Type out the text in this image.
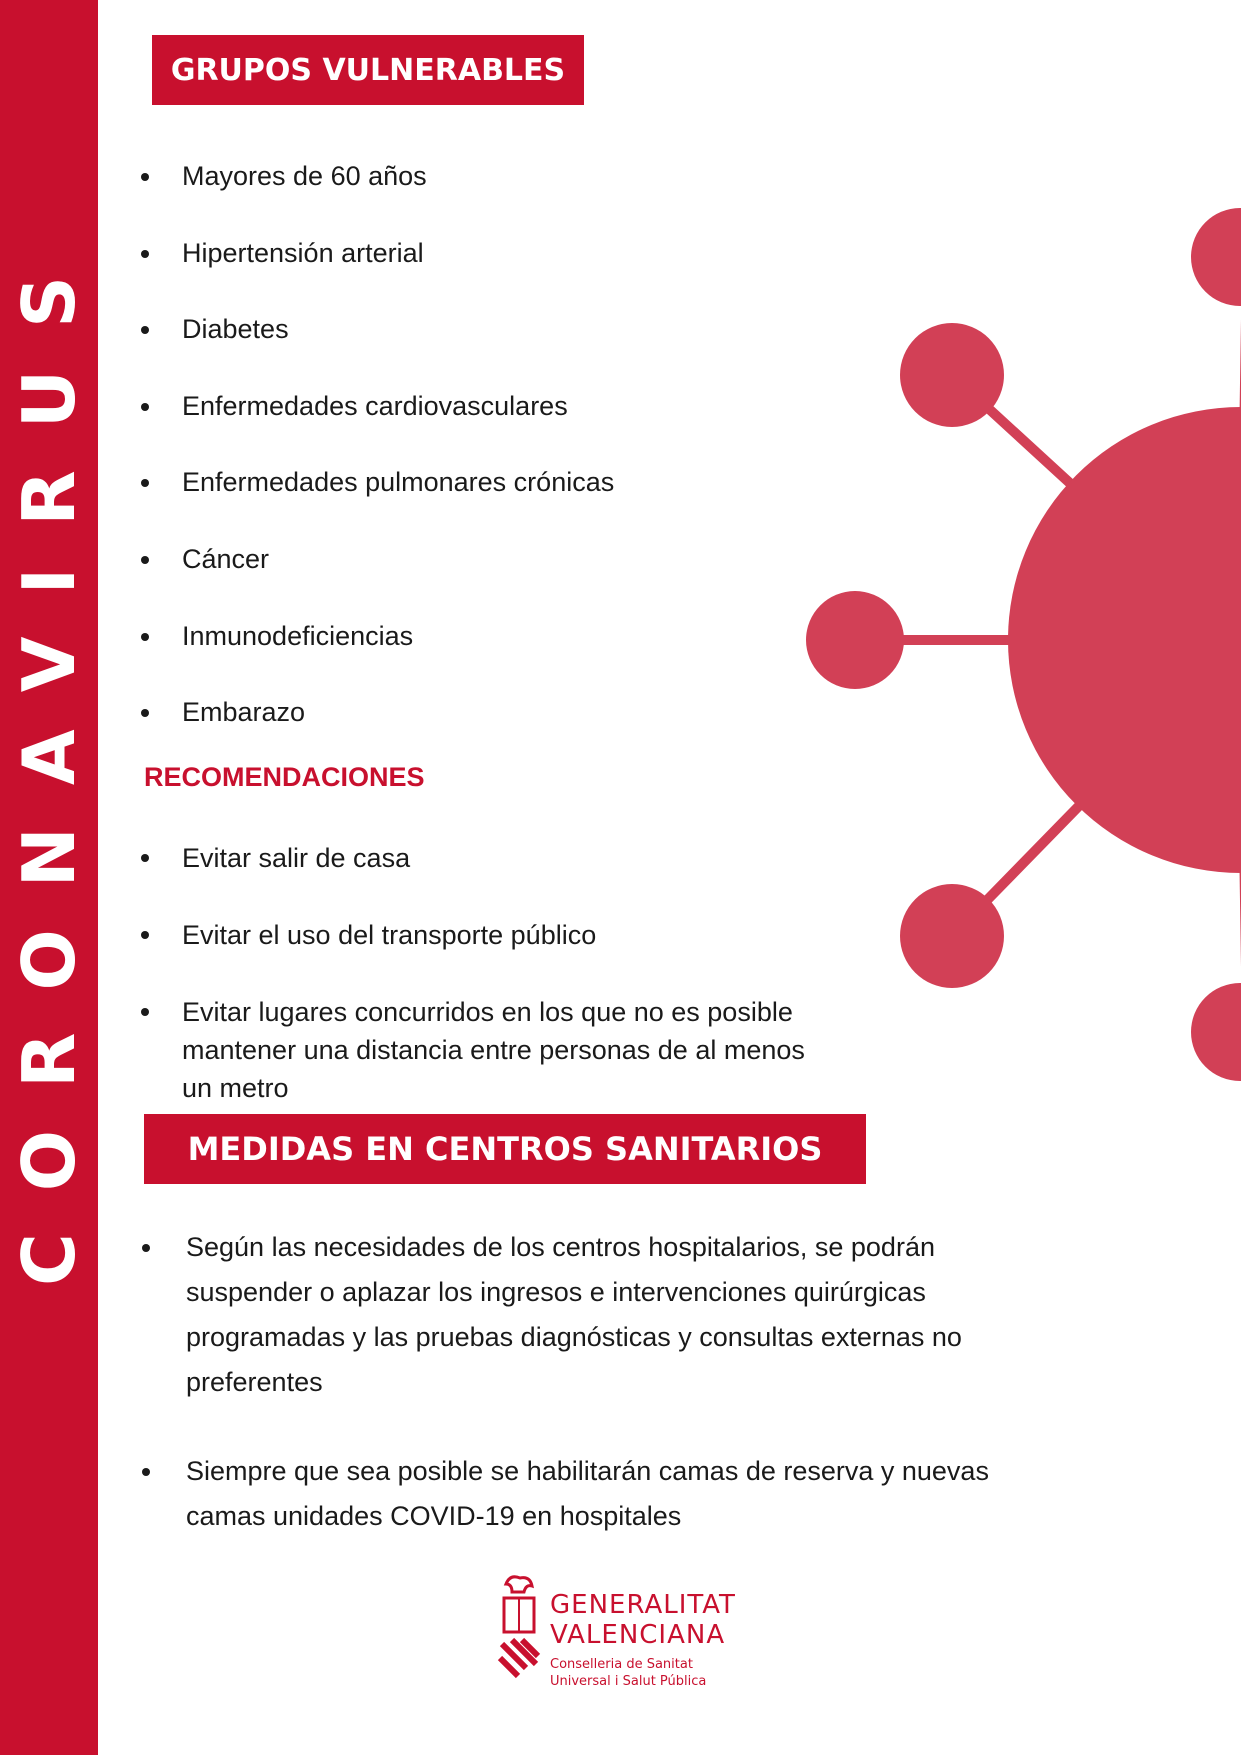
CORONAVIRUS
GRUPOS VULNERABLES
Mayores de 60 años
Hipertensión arterial
Diabetes
Enfermedades cardiovasculares
Enfermedades pulmonares crónicas
Cáncer
Inmunodeficiencias
Embarazo
RECOMENDACIONES
Evitar salir de casa
Evitar el uso del transporte público
Evitar lugares concurridos en los que no es posible mantener una distancia entre personas de al menos un metro
MEDIDAS EN CENTROS SANITARIOS
Según las necesidades de los centros hospitalarios, se podrán suspender o aplazar los ingresos e intervenciones quirúrgicas programadas y las pruebas diagnósticas y consultas externas no preferentes
Siempre que sea posible se habilitarán camas de reserva y nuevas camas unidades COVID-19 en hospitales
GENERALITAT
VALENCIANA
Conselleria de Sanitat
Universal i Salut Pública
